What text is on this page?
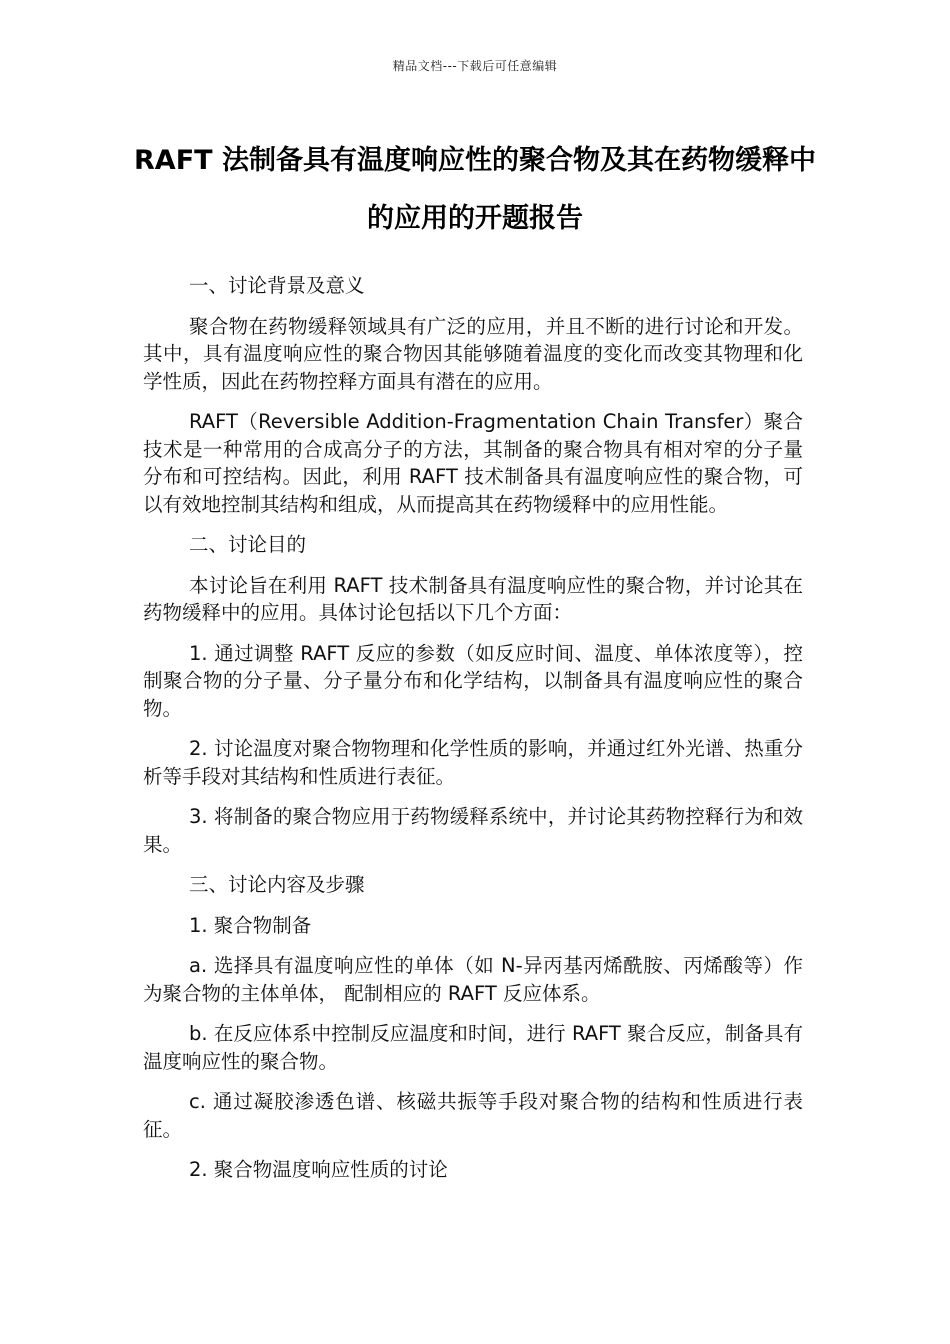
精品文档---下载后可任意编辑
RAFT 法制备具有温度响应性的聚合物及其在药物缓释中的应用的开题报告

一、讨论背景及意义

聚合物在药物缓释领域具有广泛的应用，并且不断的进行讨论和开发。其中，具有温度响应性的聚合物因其能够随着温度的变化而改变其物理和化学性质，因此在药物控释方面具有潜在的应用。

RAFT（Reversible Addition-Fragmentation Chain Transfer）聚合技术是一种常用的合成高分子的方法，其制备的聚合物具有相对窄的分子量分布和可控结构。因此，利用 RAFT 技术制备具有温度响应性的聚合物，可以有效地控制其结构和组成，从而提高其在药物缓释中的应用性能。

二、讨论目的

本讨论旨在利用 RAFT 技术制备具有温度响应性的聚合物，并讨论其在药物缓释中的应用。具体讨论包括以下几个方面：

1. 通过调整 RAFT 反应的参数（如反应时间、温度、单体浓度等），控制聚合物的分子量、分子量分布和化学结构，以制备具有温度响应性的聚合物。

2. 讨论温度对聚合物物理和化学性质的影响，并通过红外光谱、热重分析等手段对其结构和性质进行表征。

3. 将制备的聚合物应用于药物缓释系统中，并讨论其药物控释行为和效果。

三、讨论内容及步骤

1. 聚合物制备

a. 选择具有温度响应性的单体（如 N-异丙基丙烯酰胺、丙烯酸等）作为聚合物的主体单体， 配制相应的 RAFT 反应体系。

b. 在反应体系中控制反应温度和时间，进行 RAFT 聚合反应，制备具有温度响应性的聚合物。

c. 通过凝胶渗透色谱、核磁共振等手段对聚合物的结构和性质进行表征。

2. 聚合物温度响应性质的讨论
